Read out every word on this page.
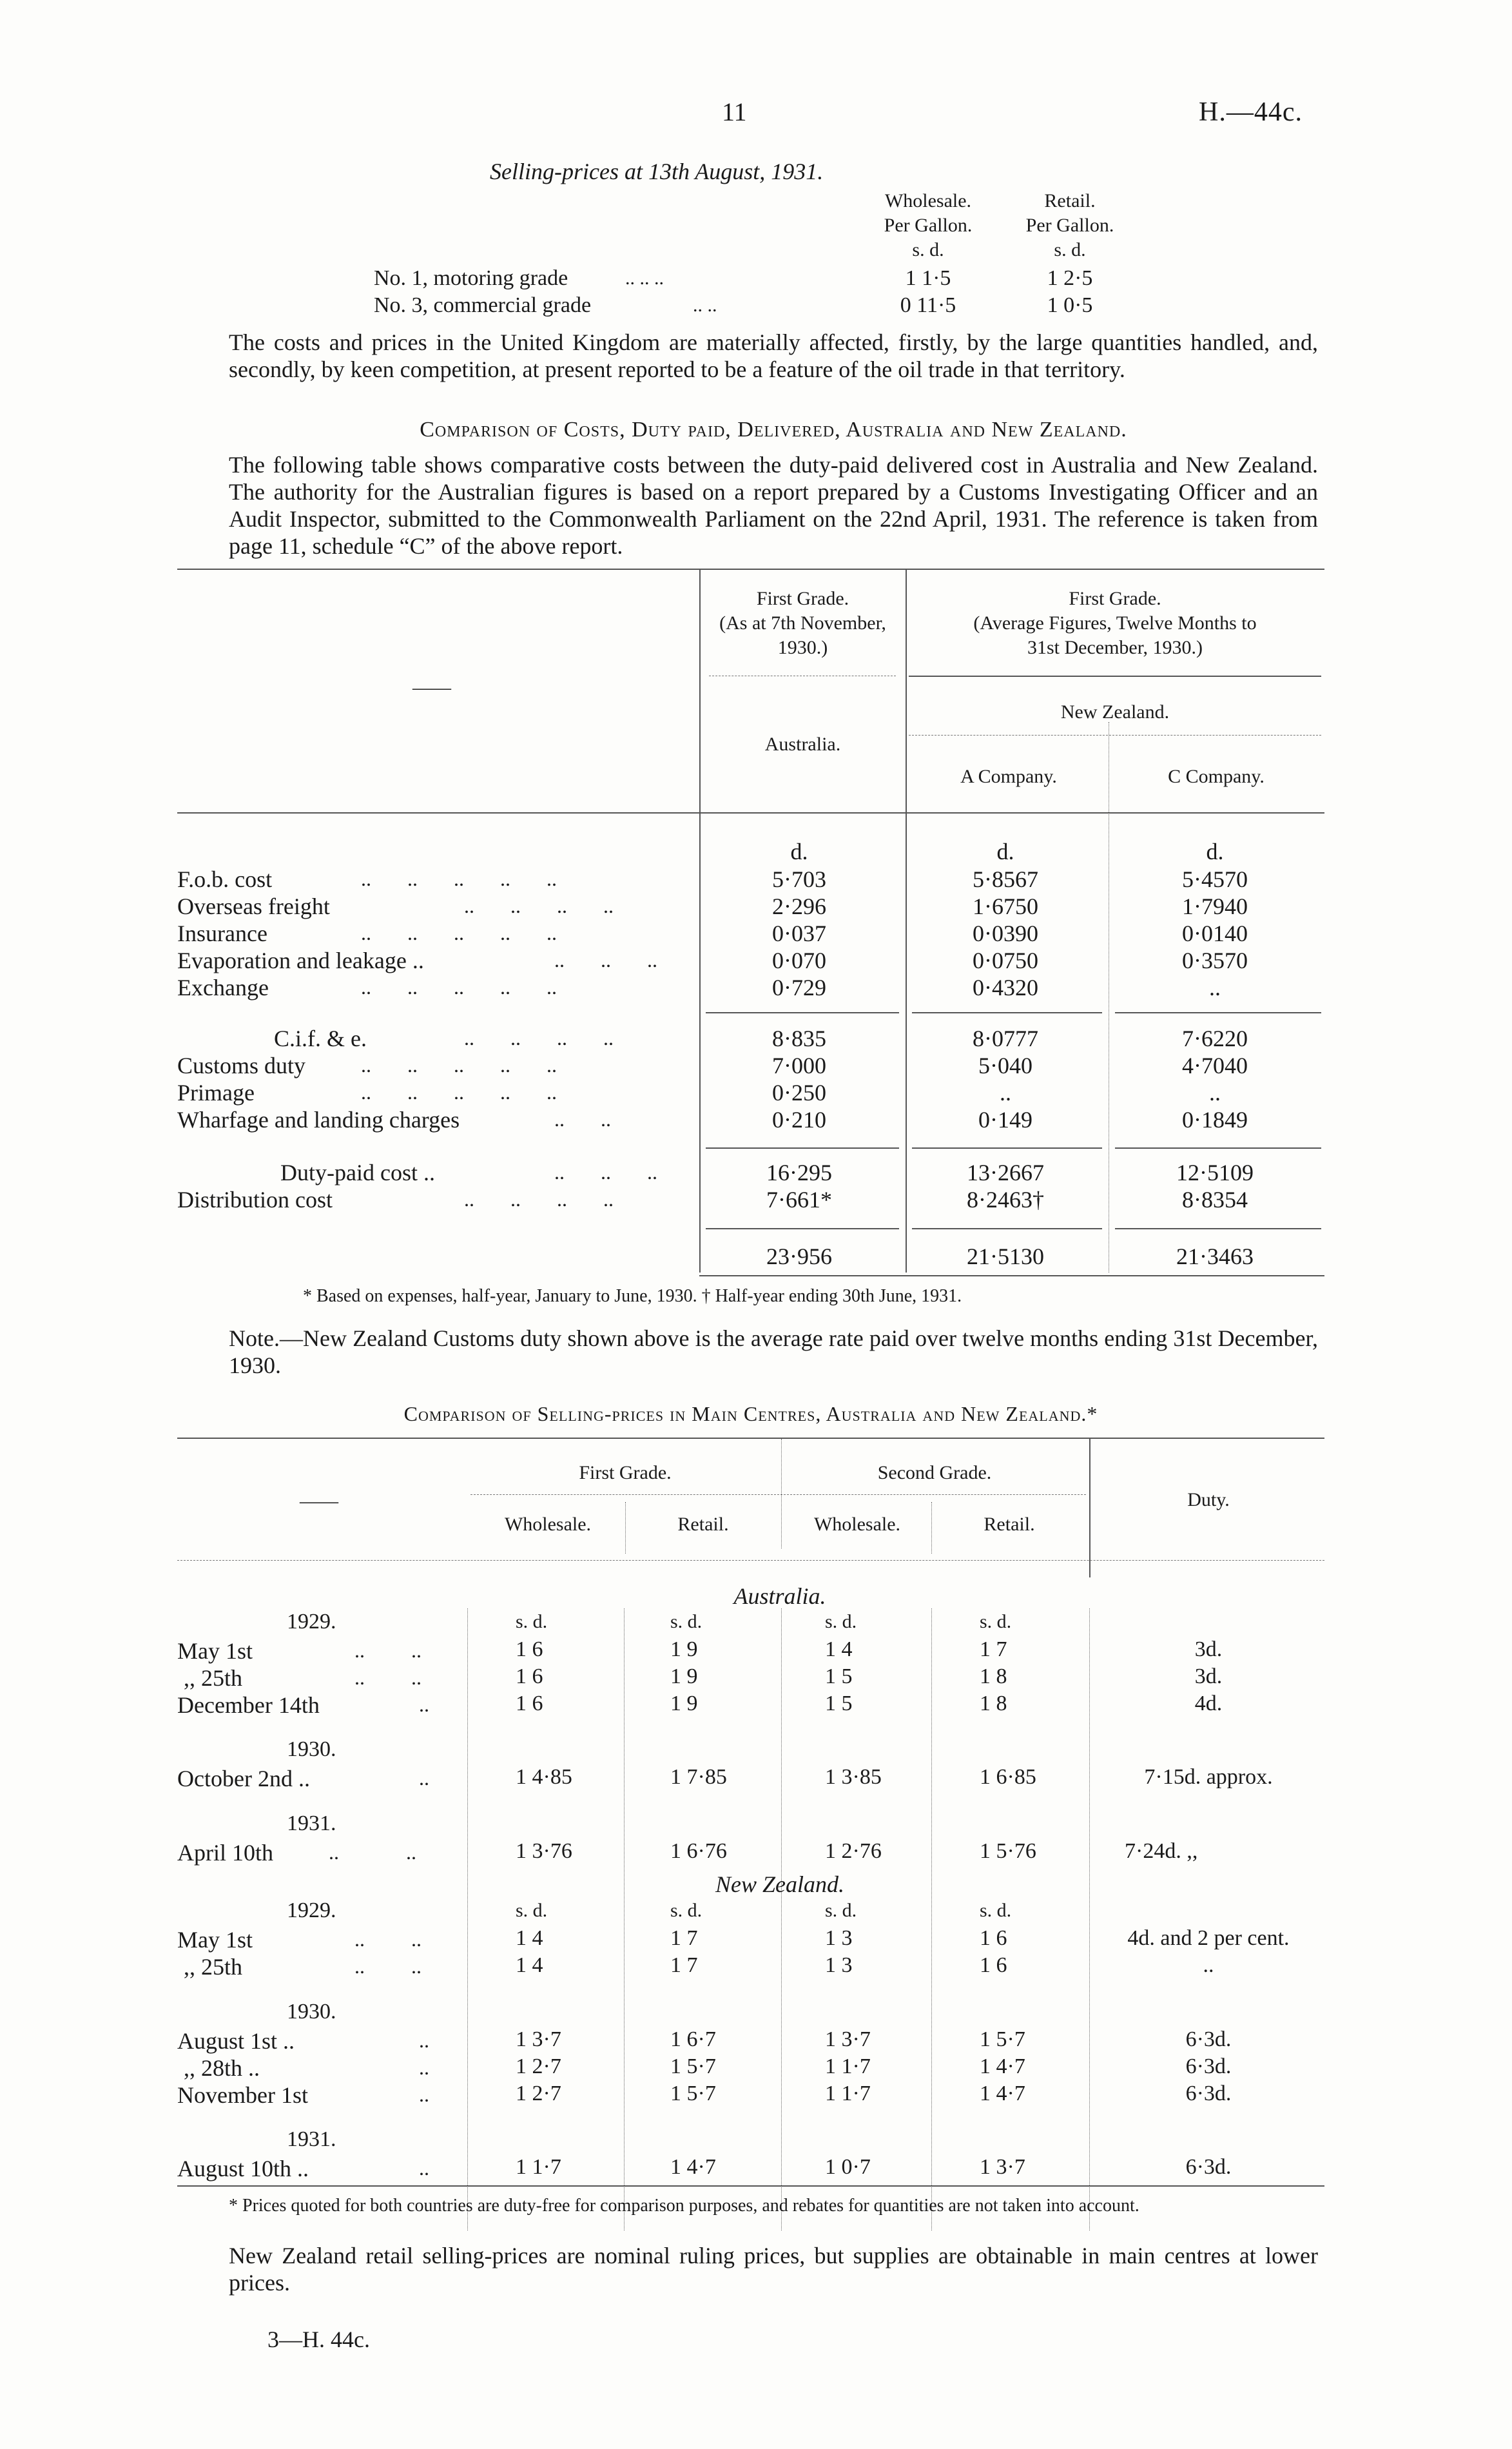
11	H.—44c.
Selling-prices at 13th August, 1931.
Wholesale.
Per Gallon.
s. d.
Retail.
Per Gallon.
s. d.
No. 1, motoring grade	.. .. ..	1 1·5	1 2·5
No. 3, commercial grade	.. ..	0 11·5	1 0·5
The costs and prices in the United Kingdom are materially affected, firstly, by the large quantities handled, and, secondly, by keen competition, at present reported to be a feature of the oil trade in that territory.
Comparison of Costs, Duty paid, Delivered, Australia and New Zealand.
The following table shows comparative costs between the duty-paid delivered cost in Australia and New Zealand. The authority for the Australian figures is based on a report prepared by a Customs Investigating Officer and an Audit Inspector, submitted to the Commonwealth Parliament on the 22nd April, 1931. The reference is taken from page 11, schedule “C” of the above report.
——
First Grade.
(As at 7th November,
1930.)
First Grade.
(Average Figures, Twelve Months to
31st December, 1930.)
New Zealand.
Australia.
A Company.	C Company.
d.	d.	d.
F.o.b. cost	..       ..       ..       ..       ..	5·703	5·8567	5·4570
Overseas freight	..       ..       ..       ..	2·296	1·6750	1·7940
Insurance	..       ..       ..       ..       ..	0·037	0·0390	0·0140
Evaporation and leakage ..	..       ..       ..	0·070	0·0750	0·3570
Exchange	..       ..       ..       ..       ..	0·729	0·4320	..
C.i.f. & e.	..       ..       ..       ..	8·835	8·0777	7·6220
Customs duty	..       ..       ..       ..       ..	7·000	5·040	4·7040
Primage	..       ..       ..       ..       ..	0·250	..	..
Wharfage and landing charges	..       ..	0·210	0·149	0·1849
Duty-paid cost ..	..       ..       ..	16·295	13·2667	12·5109
Distribution cost	..       ..       ..       ..	7·661*	8·2463†	8·8354
23·956	21·5130	21·3463
* Based on expenses, half-year, January to June, 1930. † Half-year ending 30th June, 1931.
Note.—New Zealand Customs duty shown above is the average rate paid over twelve months ending 31st December, 1930.
Comparison of Selling-prices in Main Centres, Australia and New Zealand.*
——
First Grade.	Second Grade.
Wholesale.	Retail.	Wholesale.	Retail.
Duty.
Australia.
1929.	s. d.	s. d.	s. d.	s. d.
May 1st	..         ..	1 6	1 9	1 4	1 7	3d.
,, 25th	..         ..	1 6	1 9	1 5	1 8	3d.
December 14th	..	1 6	1 9	1 5	1 8	4d.
1930.
October 2nd ..	..	1 4·85	1 7·85	1 3·85	1 6·85	7·15d. approx.
1931.
April 10th	..             ..	1 3·76	1 6·76	1 2·76	1 5·76	7·24d. ,,
New Zealand.
1929.	s. d.	s. d.	s. d.	s. d.
May 1st	..         ..	1 4	1 7	1 3	1 6	4d. and 2 per cent.
,, 25th	..         ..	1 4	1 7	1 3	1 6	..
1930.
August 1st ..	..	1 3·7	1 6·7	1 3·7	1 5·7	6·3d.
,, 28th ..	..	1 2·7	1 5·7	1 1·7	1 4·7	6·3d.
November 1st	..	1 2·7	1 5·7	1 1·7	1 4·7	6·3d.
1931.
August 10th ..	..	1 1·7	1 4·7	1 0·7	1 3·7	6·3d.
* Prices quoted for both countries are duty-free for comparison purposes, and rebates for quantities are not taken into account.
New Zealand retail selling-prices are nominal ruling prices, but supplies are obtainable in main centres at lower prices.
3—H. 44c.
